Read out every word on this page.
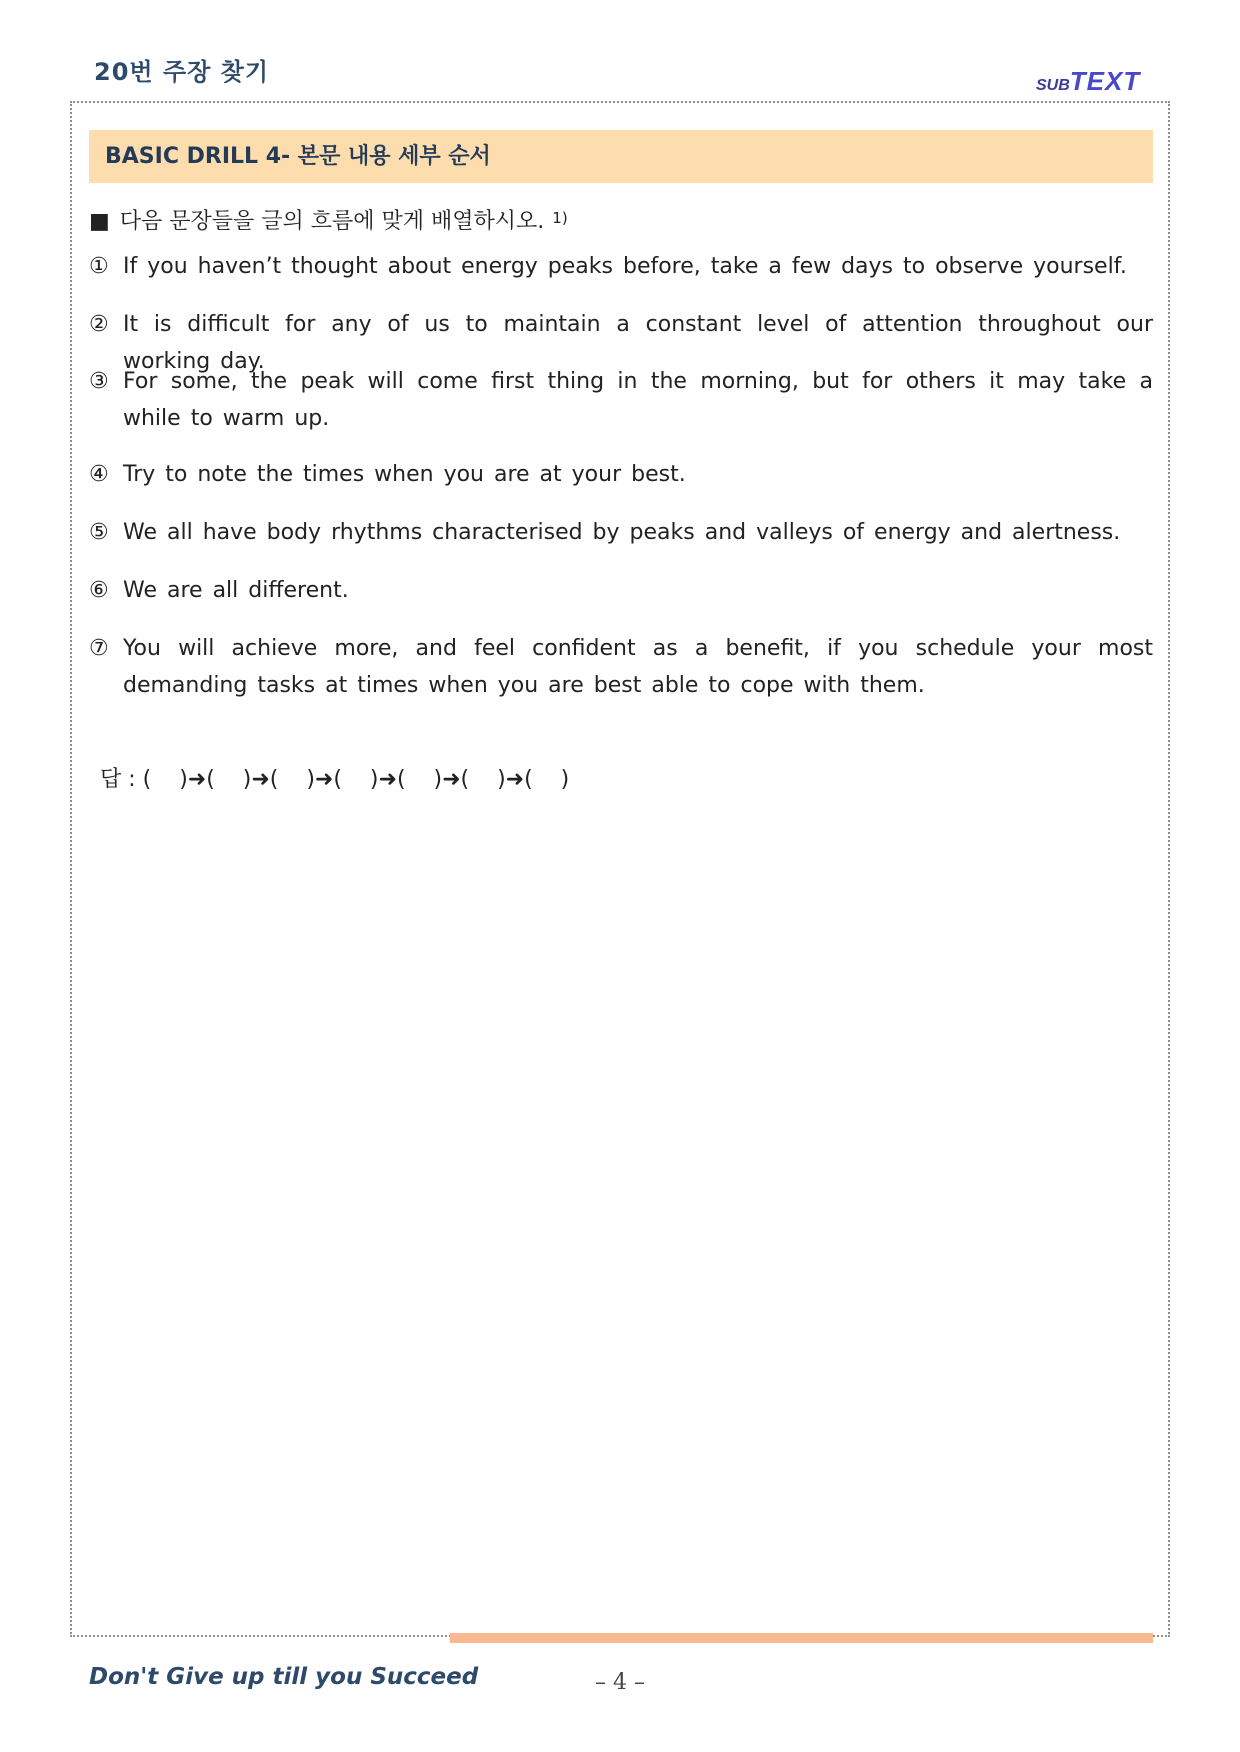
20번 주장 찾기	SUBTEXT
BASIC DRILL 4- 본문 내용 세부 순서
■ 다음 문장들을 글의 흐름에 맞게 배열하시오. $^{1)}$
① If you haven’t thought about energy peaks before, take a few days to observe yourself.
② It is difficult for any of us to maintain a constant level of attention throughout our working day.
③ For some, the peak will come first thing in the morning, but for others it may take a while to warm up.
④ Try to note the times when you are at your best.
⑤ We all have body rhythms characterised by peaks and valleys of energy and alertness.
⑥ We are all different.
⑦ You will achieve more, and feel confident as a benefit, if you schedule your most demanding tasks at times when you are best able to cope with them.
답 : (    )➜(    )➜(    )➜(    )➜(    )➜(    )➜(    )
Don't Give up till you Succeed	– 4 –
